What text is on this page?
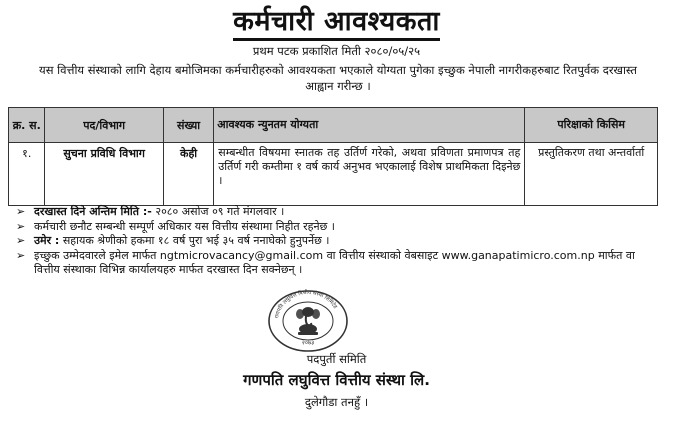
कर्मचारी आवश्यकता
प्रथम पटक प्रकाशित मिती २०८०/०५/२५
यस वित्तीय संस्थाको लागि देहाय बमोजिमका कर्मचारीहरुको आवश्यकता भएकाले योग्यता पुगेका इच्छुक नेपाली नागरीकहरुबाट रितपुर्वक दरखास्त आह्वान गरीन्छ ।
क्र. स.	पद/विभाग	संख्या	आवश्यक न्युनतम योग्यता	परिक्षाको किसिम
१.	सुचना प्रविधि विभाग	केही	सम्बन्धीत विषयमा स्नातक तह उर्तिर्ण गरेको, अथवा प्रविणता प्रमाणपत्र तह उर्तिर्ण गरी कम्तीमा १ वर्ष कार्य अनुभव भएकालाई विशेष प्राथमिकता दिइनेछ ।	प्रस्तुतिकरण तथा अन्तर्वार्ता
➢ दरखास्त दिने अन्तिम मिति :- २०८० असोज ०९ गते मंगलवार ।
➢ कर्मचारी छनौट सम्बन्धी सम्पूर्ण अधिकार यस वित्तीय संस्थामा निहीत रहनेछ ।
➢ उमेर : सहायक श्रेणीको हकमा १८ वर्ष पुरा भई ३५ वर्ष ननाघेको हुनुपर्नेछ ।
➢ इच्छुक उम्मेदवारले इमेल मार्फत ngtmicrovacancy@gmail.com वा वित्तीय संस्थाको वेबसाइट www.ganapatimicro.com.np मार्फत वा वित्तीय संस्थाका विभिन्न कार्यालयहरु मार्फत दरखास्त दिन सक्नेछन् ।
गणपति लघुवित्त वित्तीय संस्था लिमिटेड
२०७३
पदपुर्ती समिति
गणपति लघुवित्त वित्तीय संस्था लि.
दुलेगौडा तनहुँ ।
